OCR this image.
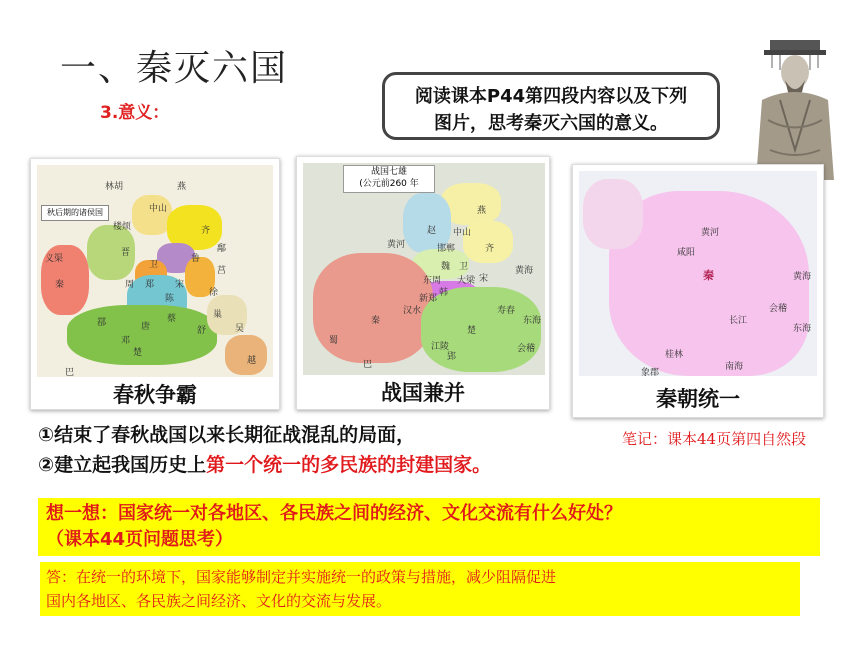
一、秦灭六国
3.意义：
阅读课本P44第四段内容以及下列
图片，思考秦灭六国的意义。
秋后期的诸侯国
林胡	燕
中山
秦
晋
齐
卫
鲁
周 郑 宋
陈
蔡
楚
吴
越
唐
鄀
邓
巴
义渠
楼烦
莒
徐
舒
巢
鄅
春秋争霸
战国七雄
(公元前260 年
燕
赵
齐
魏
韩
秦
楚
中山
卫
宋
东周
巴
蜀
黄河
汉水
江陵
郢
寿春
会稽
邯郸
大梁
新郑
黄海
东海
战国兼并
秦
咸阳
黄河
长江
桂林
南海
象郡
东海
黄海
会稽
秦朝统一
①结束了春秋战国以来长期征战混乱的局面，
②建立起我国历史上第一个统一的多民族的封建国家。
笔记：课本44页第四自然段
想一想：国家统一对各地区、各民族之间的经济、文化交流有什么好处？
（课本44页问题思考）
答：在统一的环境下，国家能够制定并实施统一的政策与措施，减少阻隔促进
国内各地区、各民族之间经济、文化的交流与发展。
